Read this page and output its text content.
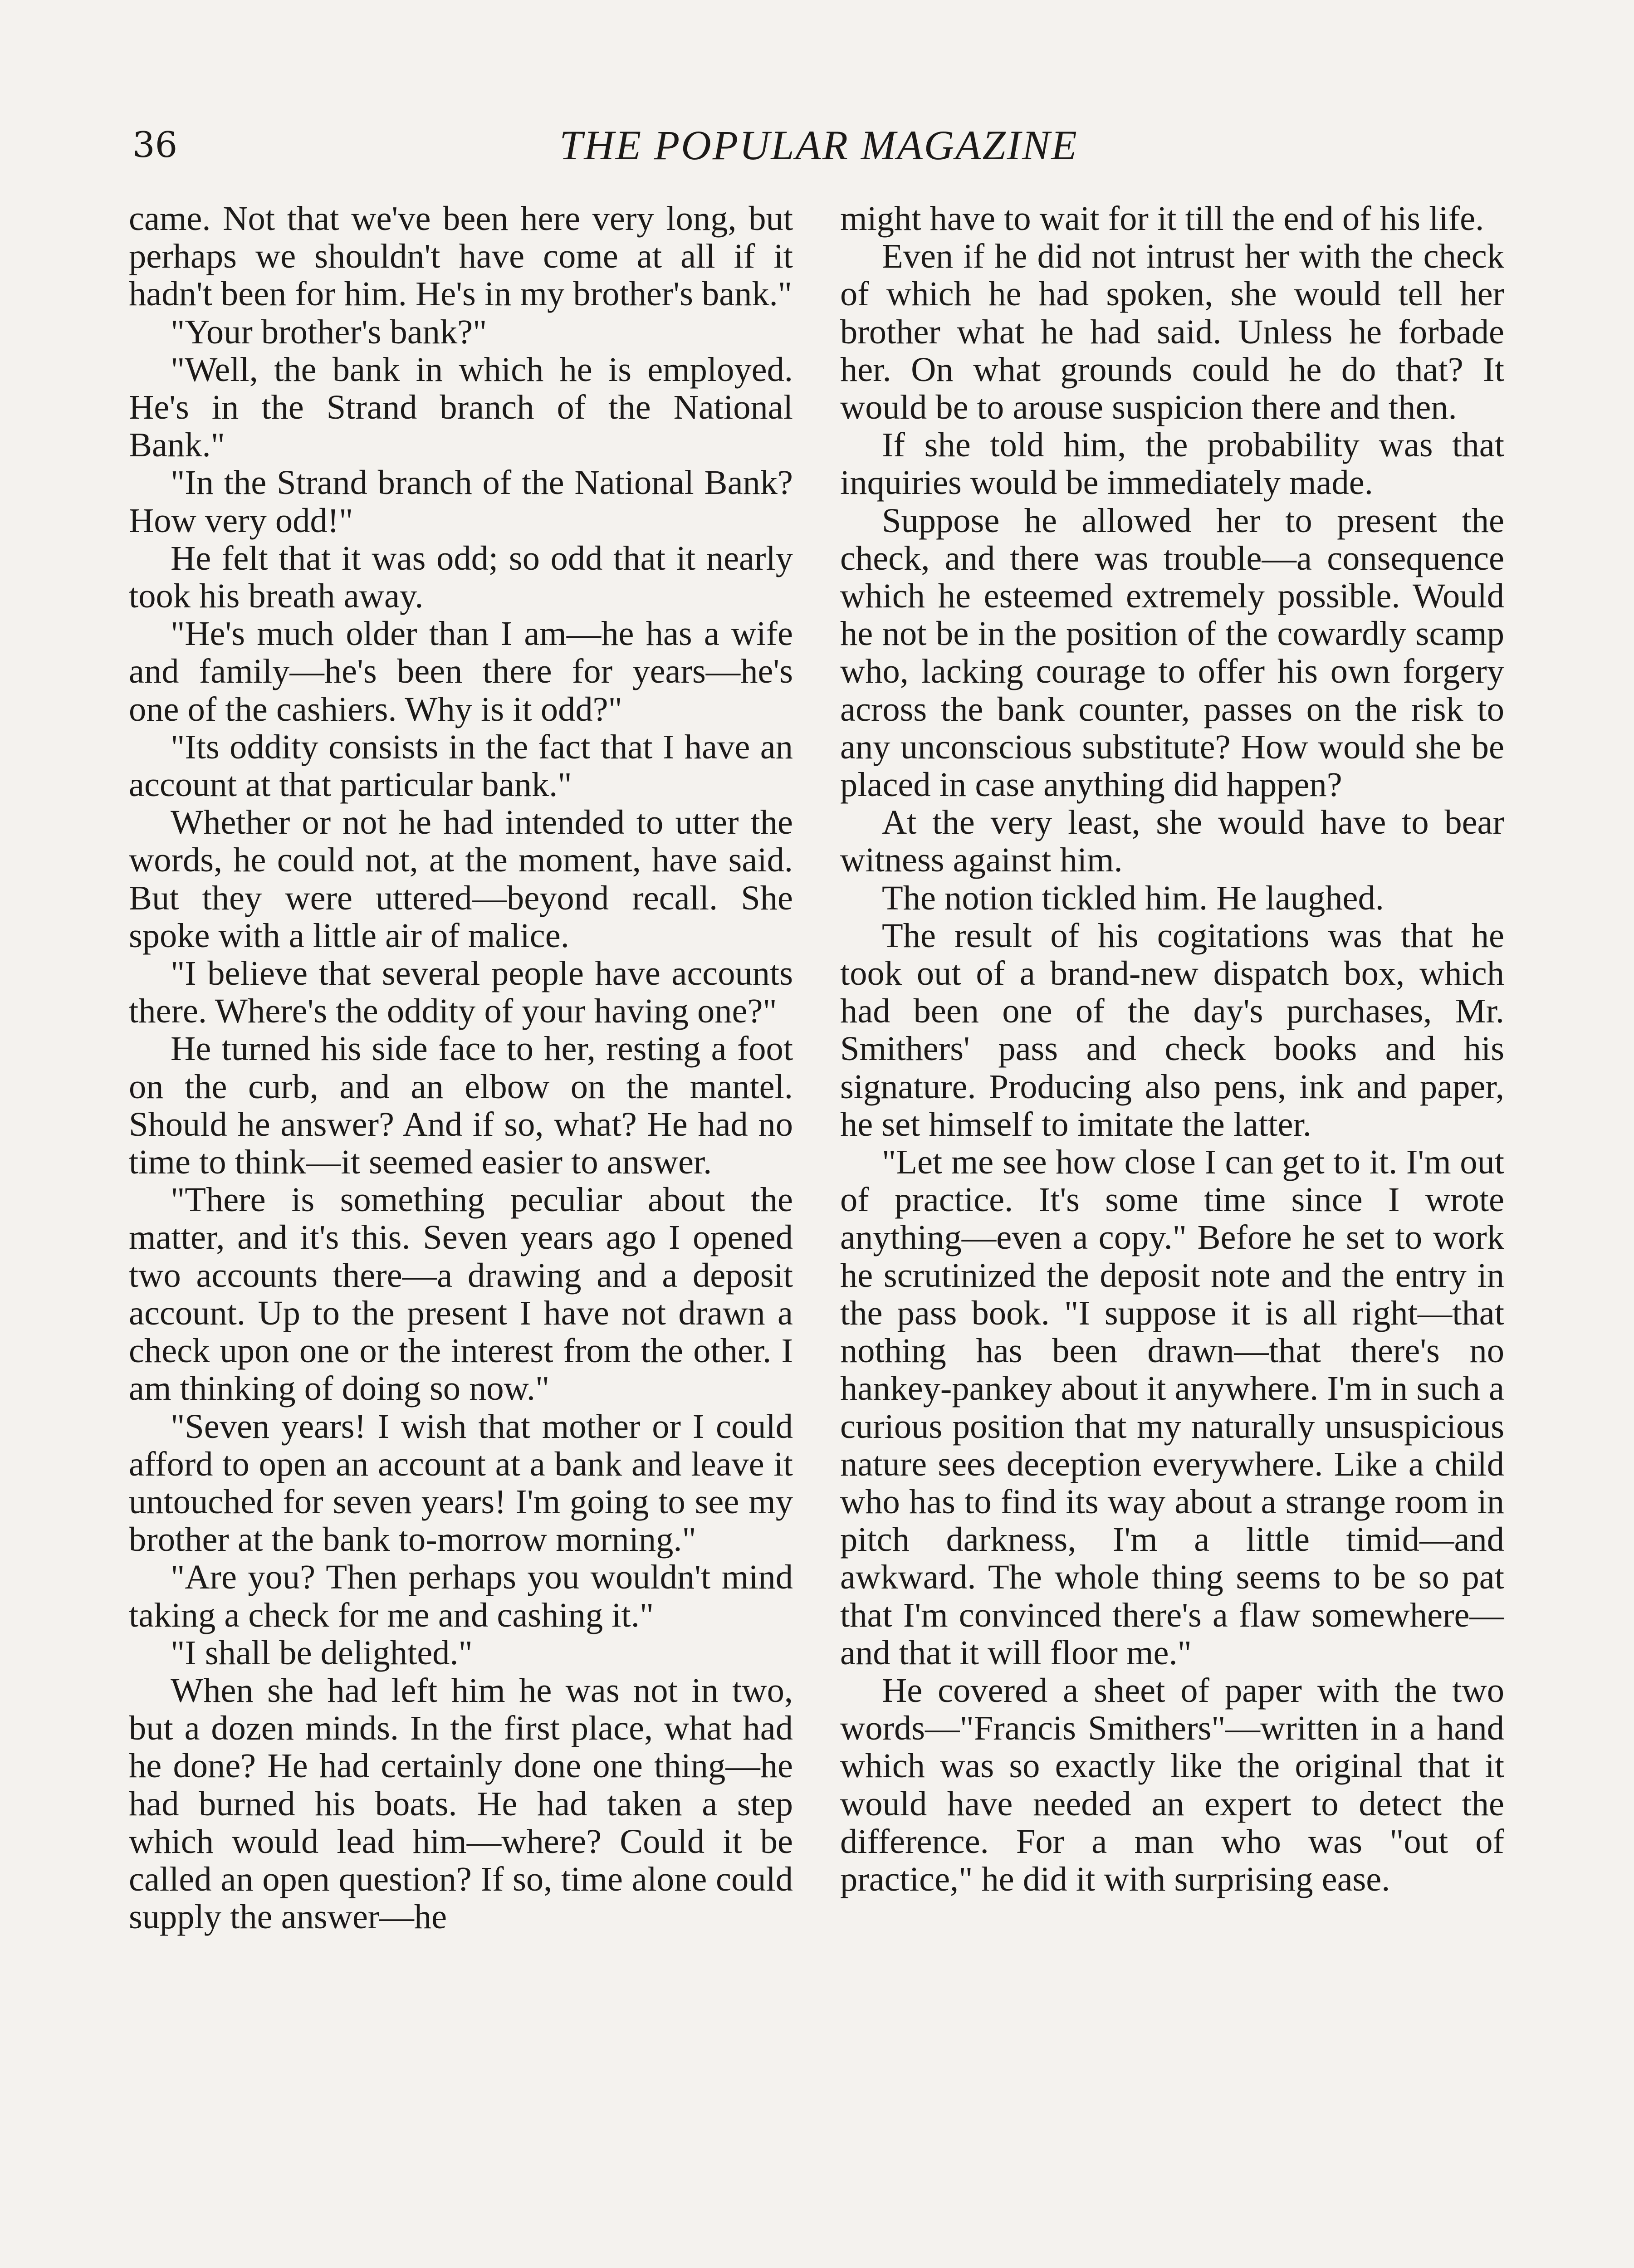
36	THE POPULAR MAGAZINE

came. Not that we've been here very long, but perhaps we shouldn't have come at all if it hadn't been for him. He's in my brother's bank."

"Your brother's bank?"

"Well, the bank in which he is employed. He's in the Strand branch of the National Bank."

"In the Strand branch of the National Bank? How very odd!"

He felt that it was odd; so odd that it nearly took his breath away.

"He's much older than I am—he has a wife and family—he's been there for years—he's one of the cashiers. Why is it odd?"

"Its oddity consists in the fact that I have an account at that particular bank."

Whether or not he had intended to utter the words, he could not, at the moment, have said. But they were uttered—beyond recall. She spoke with a little air of malice.

"I believe that several people have accounts there. Where's the oddity of your having one?"

He turned his side face to her, resting a foot on the curb, and an elbow on the mantel. Should he answer? And if so, what? He had no time to think—it seemed easier to answer.

"There is something peculiar about the matter, and it's this. Seven years ago I opened two accounts there—a drawing and a deposit account. Up to the present I have not drawn a check upon one or the interest from the other. I am thinking of doing so now."

"Seven years! I wish that mother or I could afford to open an account at a bank and leave it untouched for seven years! I'm going to see my brother at the bank to-morrow morning."

"Are you? Then perhaps you wouldn't mind taking a check for me and cashing it."

"I shall be delighted."

When she had left him he was not in two, but a dozen minds. In the first place, what had he done? He had certainly done one thing—he had burned his boats. He had taken a step which would lead him—where? Could it be called an open question? If so, time alone could supply the answer—he

might have to wait for it till the end of his life.

Even if he did not intrust her with the check of which he had spoken, she would tell her brother what he had said. Unless he forbade her. On what grounds could he do that? It would be to arouse suspicion there and then.

If she told him, the probability was that inquiries would be immediately made.

Suppose he allowed her to present the check, and there was trouble—a consequence which he esteemed extremely possible. Would he not be in the position of the cowardly scamp who, lacking courage to offer his own forgery across the bank counter, passes on the risk to any unconscious substitute? How would she be placed in case anything did happen?

At the very least, she would have to bear witness against him.

The notion tickled him. He laughed.

The result of his cogitations was that he took out of a brand-new dispatch box, which had been one of the day's purchases, Mr. Smithers' pass and check books and his signature. Producing also pens, ink and paper, he set himself to imitate the latter.

"Let me see how close I can get to it. I'm out of practice. It's some time since I wrote anything—even a copy." Before he set to work he scrutinized the deposit note and the entry in the pass book. "I suppose it is all right—that nothing has been drawn—that there's no hankey-pankey about it anywhere. I'm in such a curious position that my naturally unsuspicious nature sees deception everywhere. Like a child who has to find its way about a strange room in pitch darkness, I'm a little timid—and awkward. The whole thing seems to be so pat that I'm convinced there's a flaw somewhere—and that it will floor me."

He covered a sheet of paper with the two words—"Francis Smithers"—written in a hand which was so exactly like the original that it would have needed an expert to detect the difference. For a man who was "out of practice," he did it with surprising ease.
